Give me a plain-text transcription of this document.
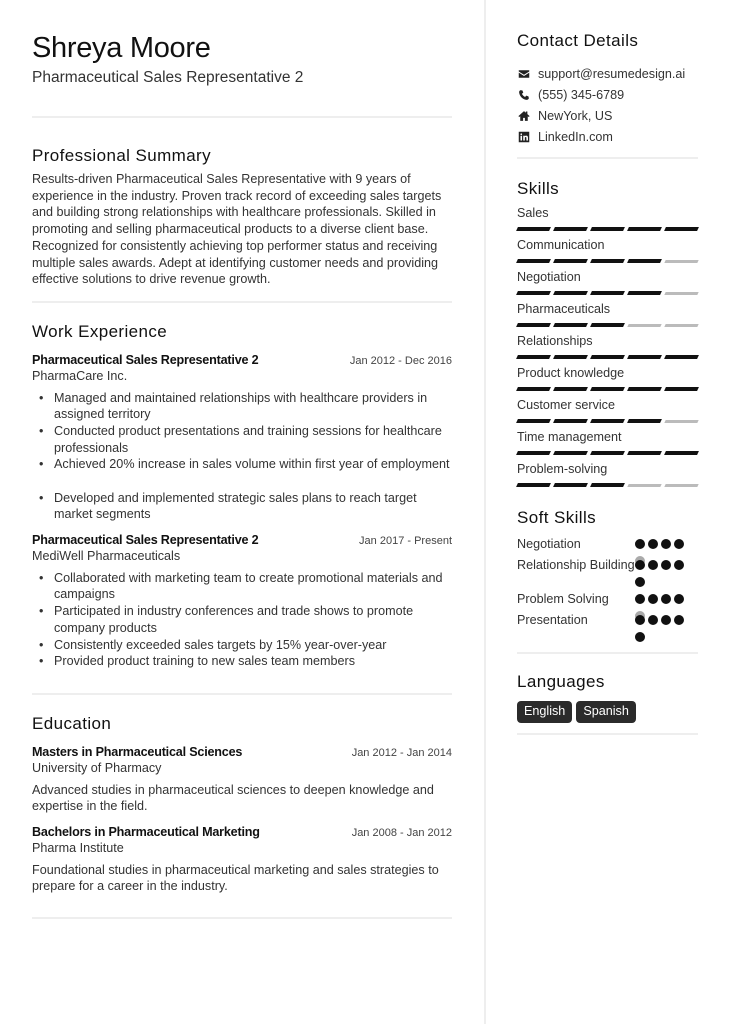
Shreya Moore
Pharmaceutical Sales Representative 2
Professional Summary

Results-driven Pharmaceutical Sales Representative with 9 years of experience in the industry. Proven track record of exceeding sales targets and building strong relationships with healthcare professionals. Skilled in promoting and selling pharmaceutical products to a diverse client base. Recognized for consistently achieving top performer status and receiving multiple sales awards. Adept at identifying customer needs and providing effective solutions to drive revenue growth.

Work Experience
Pharmaceutical Sales Representative 2	Jan 2012 - Dec 2016
PharmaCare Inc.
• Managed and maintained relationships with healthcare providers in assigned territory
• Conducted product presentations and training sessions for healthcare professionals
• Achieved 20% increase in sales volume within first year of employment
• Developed and implemented strategic sales plans to reach target market segments
Pharmaceutical Sales Representative 2	Jan 2017 - Present
MediWell Pharmaceuticals
• Collaborated with marketing team to create promotional materials and campaigns
• Participated in industry conferences and trade shows to promote company products
• Consistently exceeded sales targets by 15% year-over-year
• Provided product training to new sales team members
Education
Masters in Pharmaceutical Sciences	Jan 2012 - Jan 2014
University of Pharmacy

Advanced studies in pharmaceutical sciences to deepen knowledge and expertise in the field.

Bachelors in Pharmaceutical Marketing	Jan 2008 - Jan 2012
Pharma Institute

Foundational studies in pharmaceutical marketing and sales strategies to prepare for a career in the industry.

Contact Details
support@resumedesign.ai
(555) 345-6789
NewYork, US
LinkedIn.com
Skills
Sales
Communication
Negotiation
Pharmaceuticals
Relationships
Product knowledge
Customer service
Time management
Problem-solving
Soft Skills
Negotiation
Relationship Building
Problem Solving
Presentation
Languages
English	Spanish
